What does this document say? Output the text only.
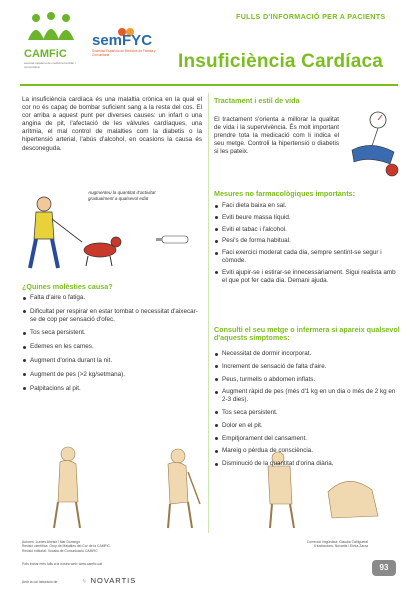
FULLS D'INFORMACIÓ PER A PACIENTS
CAMFiC
societat catalana de medicina familiar i comunitària
semFYC
Sociedad Española de Medicina de Familia y Comunitaria	Insuficiència Cardíaca
La insuficiència cardíaca és una malaltia crònica en la qual el cor no és capaç de bombar suficient sang a la resta del cos. El cor arriba a aquest punt per diverses causes: un infart o una angina de pit, l'afectació de les vàlvules cardíaques, una arítmia, el mal control de malalties com la diabetis o la hipertensió arterial, l'abús d'alcohol, en ocasions la causa és desconeguda.
Augmenteu la quantitat d'activitat gradualment a qualsevol edat
¿Quines molèsties causa?
Falta d'aire o fatiga.
Dificultat per respirar en estar tombat o necessitat d'aixecar-se de cop per sensació d'ofec.
Tos seca persistent.
Edemes en les cames.
Augment d'orina durant la nit.
Augment de pes (>2 kg/setmana).
Palpitacions al pit.
Tractament i estil de vida
El tractament s'orienta a millorar la qualitat de vida i la supervivència. És molt important prendre tota la medicació com li indica el seu metge. Controli la hipertensió o diabetis si les pateix.
Mesures no farmacològiques importants:
Faci dieta baixa en sal.
Eviti beure massa líquid.
Eviti el tabac i l'alcohol.
Pesi's de forma habitual.
Faci exercici moderat cada dia, sempre sentint-se segur i còmode.
Eviti ajupir-se i estirar-se innecessàriament. Sigui realista amb el que pot fer cada dia. Demani ajuda.
Consulti el seu metge o infermera si apareix qualsevol d'aquests símptomes:
Necessitat de dormir incorporat.
Increment de sensació de falta d'aire.
Peus, turmells o abdomen inflats.
Augment ràpid de pes (més d'1 kg en un dia o més de 2 kg en 2-3 dies).
Tos seca persistent.
Dolor en el pit.
Empitjorament del cansament.
Mareig o pèrdua de consciència.
Disminució de la quantitat d'orina diària.
Autores: Lurdes Alonso i Mar Domingo
Revisió científica: Grup de Malalties del Cor de la CAMFiC
Revisió editorial: Vocalia de Comunicació CAMFiC
Correcció lingüística: Claudia Cañigueral
Il·lustracions: Novartis i Elvira Zarza
Pots trobar més fulls a la nostra web: www.camfic.cat
Amb la col·laboració de	ᛃ NOVARTIS
93
